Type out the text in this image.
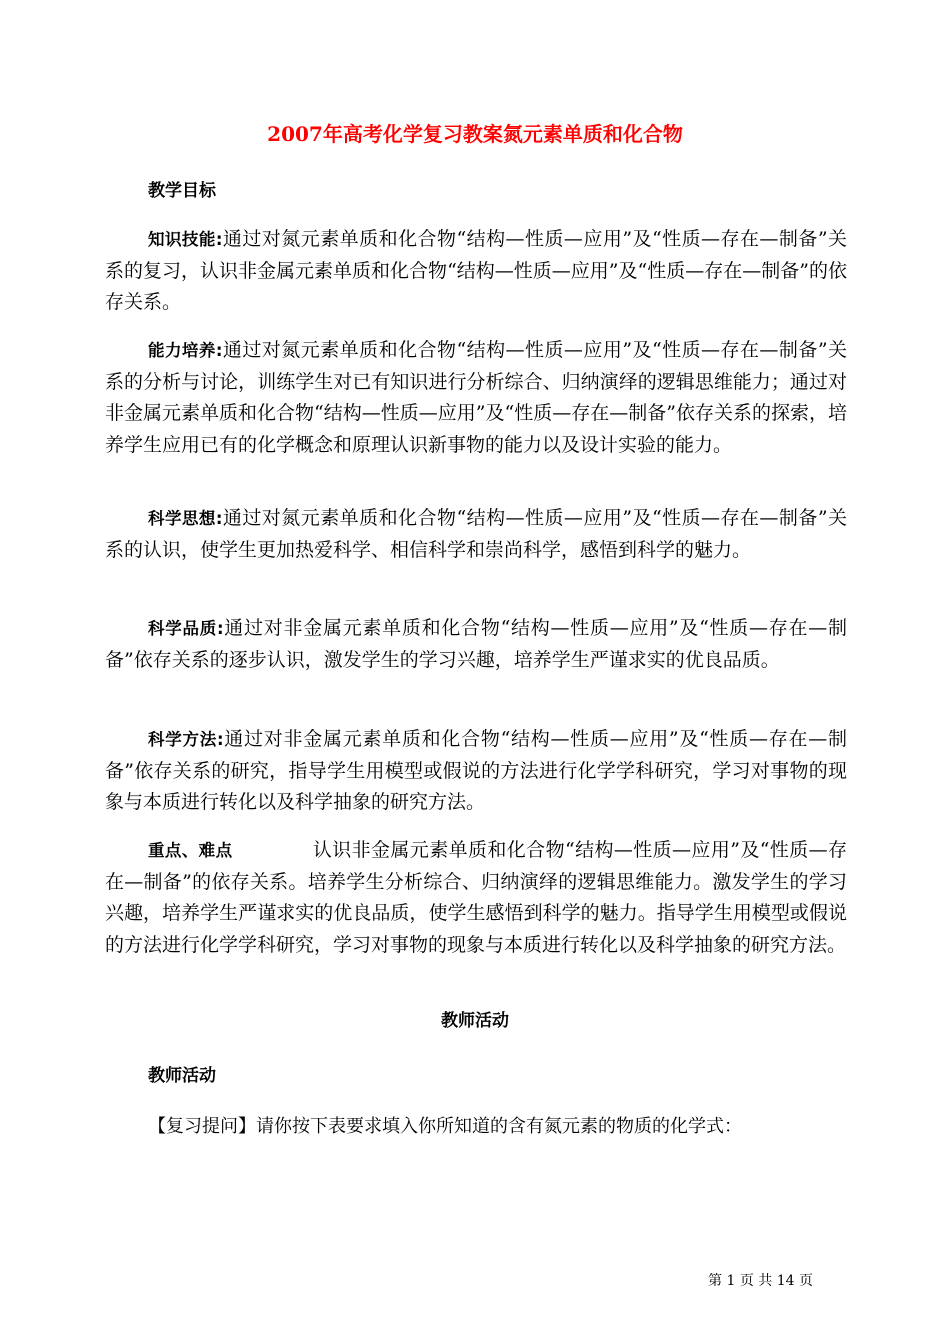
2007年高考化学复习教案氮元素单质和化合物
教学目标
知识技能:通过对氮元素单质和化合物“结构—性质—应用”及“性质—存在—制备”关系的复习，认识非金属元素单质和化合物“结构—性质—应用”及“性质—存在—制备”的依存关系。
能力培养:通过对氮元素单质和化合物“结构—性质—应用”及“性质—存在—制备”关系的分析与讨论，训练学生对已有知识进行分析综合、归纳演绎的逻辑思维能力；通过对非金属元素单质和化合物“结构—性质—应用”及“性质—存在—制备”依存关系的探索，培养学生应用已有的化学概念和原理认识新事物的能力以及设计实验的能力。
科学思想:通过对氮元素单质和化合物“结构—性质—应用”及“性质—存在—制备”关系的认识，使学生更加热爱科学、相信科学和崇尚科学，感悟到科学的魅力。
科学品质:通过对非金属元素单质和化合物“结构—性质—应用”及“性质—存在—制备”依存关系的逐步认识，激发学生的学习兴趣，培养学生严谨求实的优良品质。
科学方法:通过对非金属元素单质和化合物“结构—性质—应用”及“性质—存在—制备”依存关系的研究，指导学生用模型或假说的方法进行化学学科研究，学习对事物的现象与本质进行转化以及科学抽象的研究方法。
重点、难点	认识非金属元素单质和化合物“结构—性质—应用”及“性质—存在—制备”的依存关系。培养学生分析综合、归纳演绎的逻辑思维能力。激发学生的学习兴趣，培养学生严谨求实的优良品质，使学生感悟到科学的魅力。指导学生用模型或假说的方法进行化学学科研究，学习对事物的现象与本质进行转化以及科学抽象的研究方法。
教师活动
教师活动
【复习提问】请你按下表要求填入你所知道的含有氮元素的物质的化学式：
第 1 页 共 14 页
